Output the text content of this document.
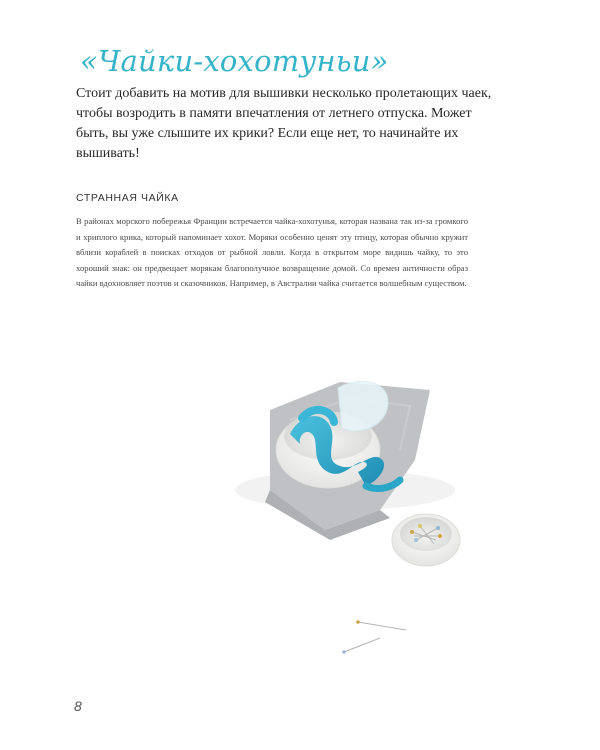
«Чайки-хохотуньи»

Стоит добавить на мотив для вышивки несколько пролетающих чаек, чтобы возродить в памяти впечатления от летнего отпуска. Может быть, вы уже слышите их крики? Если еще нет, то начинайте их вышивать!

СТРАННАЯ ЧАЙКА

В районах морского побережья Франции встречается чайка-хохотунья, которая названа так из-за громкого и хриплого крика, который напоминает хохот. Моряки особенно ценят эту птицу, которая обычно кружит вблизи кораблей в поисках отходов от рыбной ловли. Когда в открытом море видишь чайку, то это хороший знак: он предвещает морякам благополучное возвращение домой. Со времен античности образ чайки вдохновляет поэтов и сказочников. Например, в Австралии чайка считается волшебным существом.

8
